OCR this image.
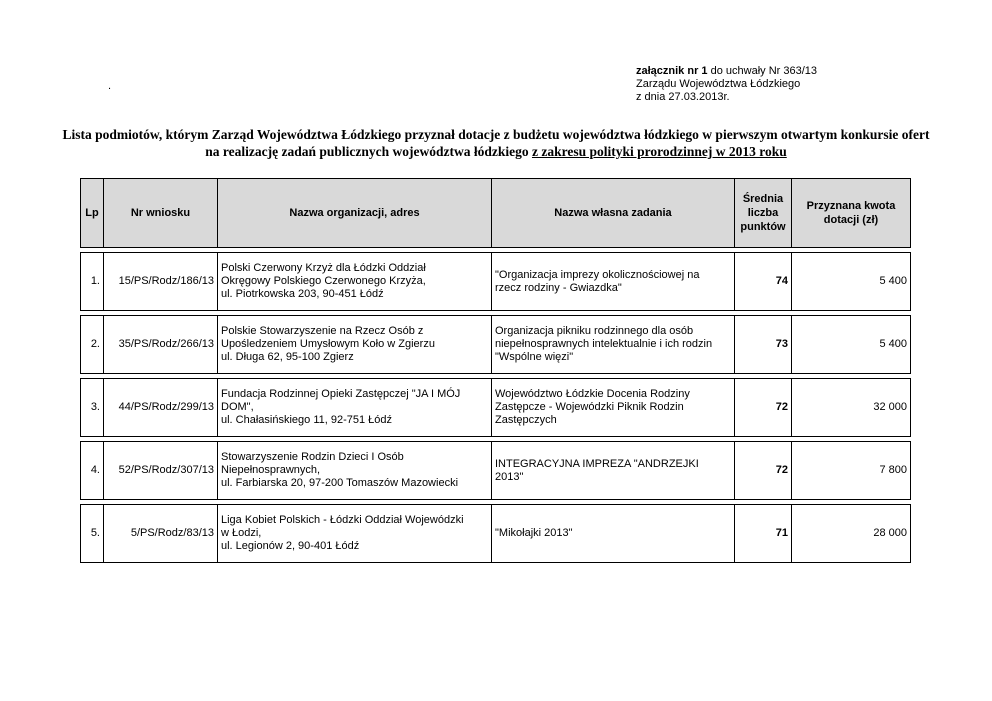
.
załącznik nr 1 do uchwały Nr 363/13
Zarządu Województwa Łódzkiego
z dnia 27.03.2013r.
Lista podmiotów, którym Zarząd Województwa Łódzkiego przyznał dotacje z budżetu województwa łódzkiego w pierwszym otwartym konkursie ofert na realizację zadań publicznych województwa łódzkiego z zakresu polityki prorodzinnej w 2013 roku
Lp	Nr wniosku	Nazwa organizacji, adres	Nazwa własna zadania	Średnia liczba punktów	Przyznana kwota dotacji (zł)

1.	15/PS/Rodz/186/13	Polski Czerwony Krzyż dla Łódzki Oddział
Okręgowy Polskiego Czerwonego Krzyża,
ul. Piotrkowska 203, 90-451 Łódź	"Organizacja imprezy okolicznościowej na
rzecz rodziny - Gwiazdka"	74	5 400

2.	35/PS/Rodz/266/13	Polskie Stowarzyszenie na Rzecz Osób z
Upośledzeniem Umysłowym Koło w Zgierzu
ul. Długa 62, 95-100 Zgierz	Organizacja pikniku rodzinnego dla osób
niepełnosprawnych intelektualnie i ich rodzin
"Wspólne więzi"	73	5 400

3.	44/PS/Rodz/299/13	Fundacja Rodzinnej Opieki Zastępczej "JA I MÓJ
DOM",
ul. Chałasińskiego 11, 92-751 Łódź	Województwo Łódzkie Docenia Rodziny
Zastępcze - Wojewódzki Piknik Rodzin
Zastępczych	72	32 000

4.	52/PS/Rodz/307/13	Stowarzyszenie Rodzin Dzieci I Osób
Niepełnosprawnych,
ul. Farbiarska 20, 97-200 Tomaszów Mazowiecki	INTEGRACYJNA IMPREZA "ANDRZEJKI
2013"	72	7 800

5.	5/PS/Rodz/83/13	Liga Kobiet Polskich - Łódzki Oddział Wojewódzki
w Łodzi,
ul. Legionów 2, 90-401 Łódź	"Mikołajki 2013"	71	28 000
